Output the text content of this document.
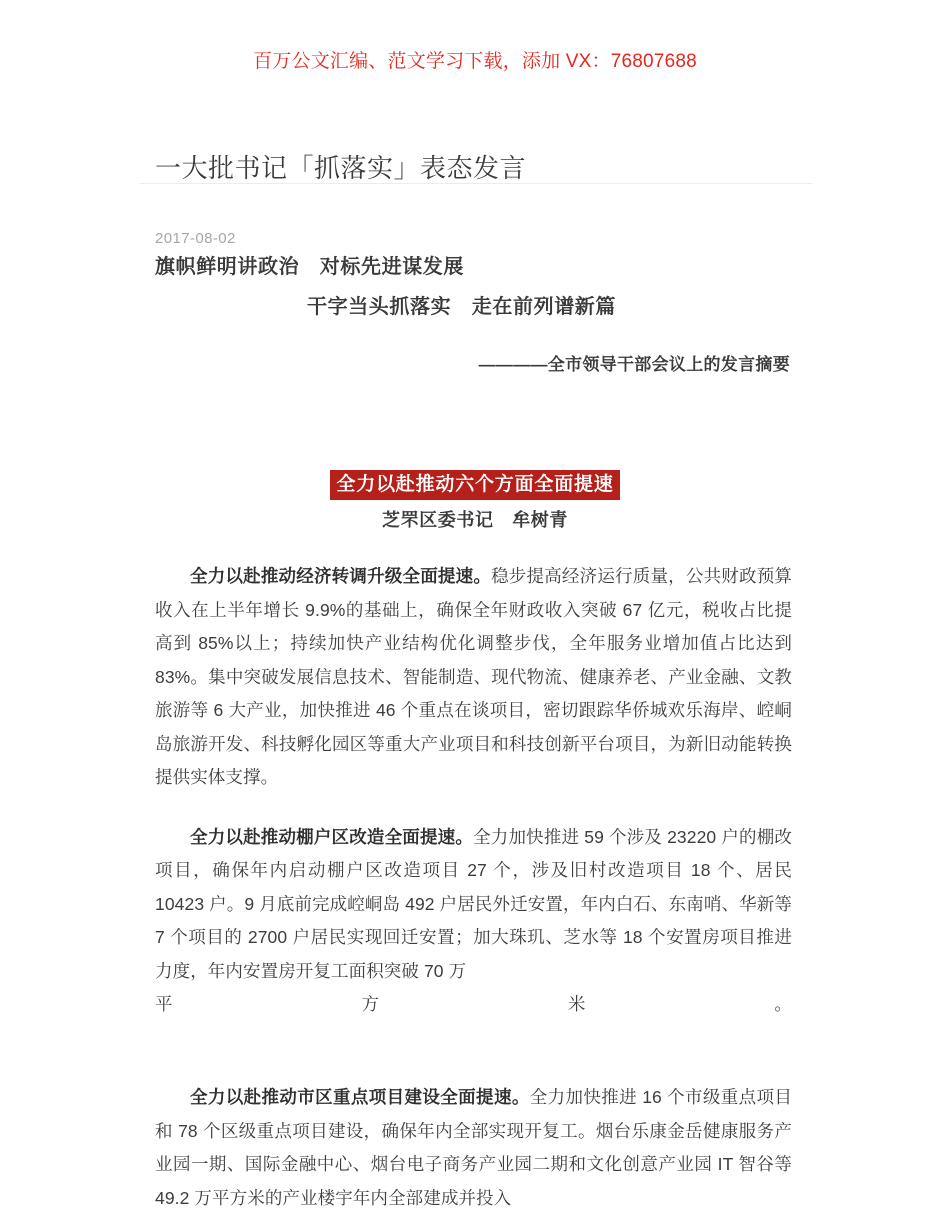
百万公文汇编、范文学习下载，添加 VX：76807688
一大批书记「抓落实」表态发言
2017-08-02
旗帜鲜明讲政治　对标先进谋发展
干字当头抓落实　走在前列谱新篇
————全市领导干部会议上的发言摘要
全力以赴推动六个方面全面提速
芝罘区委书记　牟树青

全力以赴推动经济转调升级全面提速。稳步提高经济运行质量，公共财政预算收入在上半年增长 9.9%的基础上，确保全年财政收入突破 67 亿元，税收占比提高到 85%以上；持续加快产业结构优化调整步伐，全年服务业增加值占比达到 83%。集中突破发展信息技术、智能制造、现代物流、健康养老、产业金融、文教旅游等 6 大产业，加快推进 46 个重点在谈项目，密切跟踪华侨城欢乐海岸、崆峒岛旅游开发、科技孵化园区等重大产业项目和科技创新平台项目，为新旧动能转换提供实体支撑。

全力以赴推动棚户区改造全面提速。全力加快推进 59 个涉及 23220 户的棚改项目，确保年内启动棚户区改造项目 27 个，涉及旧村改造项目 18 个、居民 10423 户。9 月底前完成崆峒岛 492 户居民外迁安置，年内白石、东南哨、华新等 7 个项目的 2700 户居民实现回迁安置；加大珠玑、芝水等 18 个安置房项目推进力度，年内安置房开复工面积突破 70 万
平方米。

全力以赴推动市区重点项目建设全面提速。全力加快推进 16 个市级重点项目和 78 个区级重点项目建设，确保年内全部实现开复工。烟台乐康金岳健康服务产业园一期、国际金融中心、烟台电子商务产业园二期和文化创意产业园 IT 智谷等 49.2 万平方米的产业楼宇年内全部建成并投入
